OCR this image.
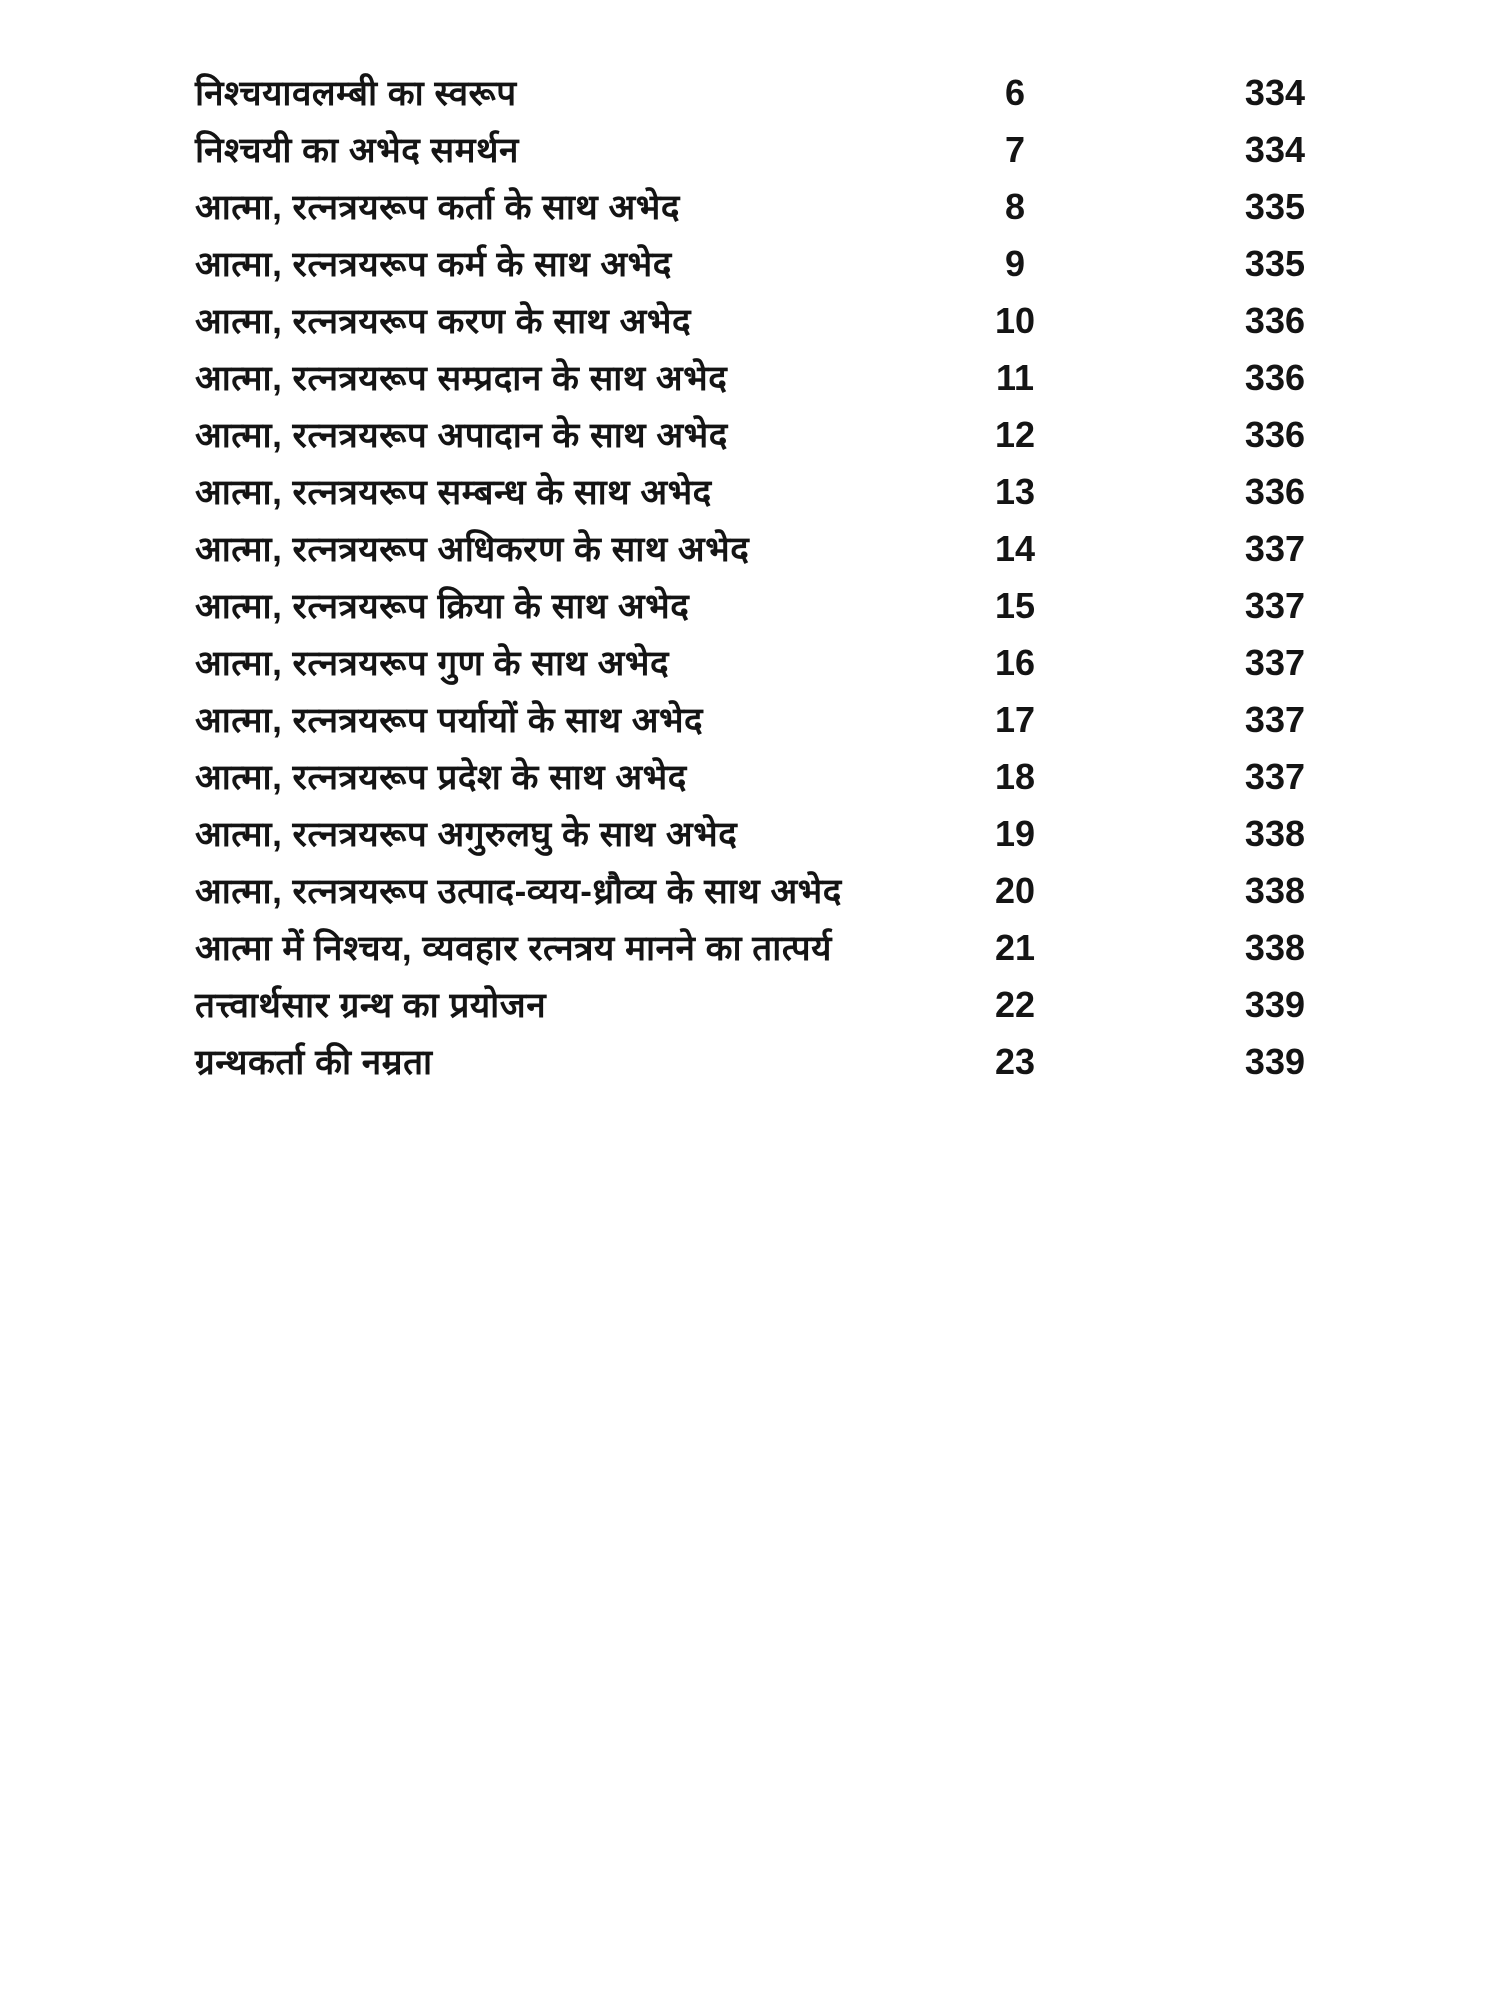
निश्चयावलम्बी का स्वरूप	6	334
निश्चयी का अभेद समर्थन	7	334
आत्मा, रत्नत्रयरूप कर्ता के साथ अभेद	8	335
आत्मा, रत्नत्रयरूप कर्म के साथ अभेद	9	335
आत्मा, रत्नत्रयरूप करण के साथ अभेद	10	336
आत्मा, रत्नत्रयरूप सम्प्रदान के साथ अभेद	11	336
आत्मा, रत्नत्रयरूप अपादान के साथ अभेद	12	336
आत्मा, रत्नत्रयरूप सम्बन्ध के साथ अभेद	13	336
आत्मा, रत्नत्रयरूप अधिकरण के साथ अभेद	14	337
आत्मा, रत्नत्रयरूप क्रिया के साथ अभेद	15	337
आत्मा, रत्नत्रयरूप गुण के साथ अभेद	16	337
आत्मा, रत्नत्रयरूप पर्यायों के साथ अभेद	17	337
आत्मा, रत्नत्रयरूप प्रदेश के साथ अभेद	18	337
आत्मा, रत्नत्रयरूप अगुरुलघु के साथ अभेद	19	338
आत्मा, रत्नत्रयरूप उत्पाद-व्यय-ध्रौव्य के साथ अभेद	20	338
आत्मा में निश्चय, व्यवहार रत्नत्रय मानने का तात्पर्य	21	338
तत्त्वार्थसार ग्रन्थ का प्रयोजन	22	339
ग्रन्थकर्ता की नम्रता	23	339
